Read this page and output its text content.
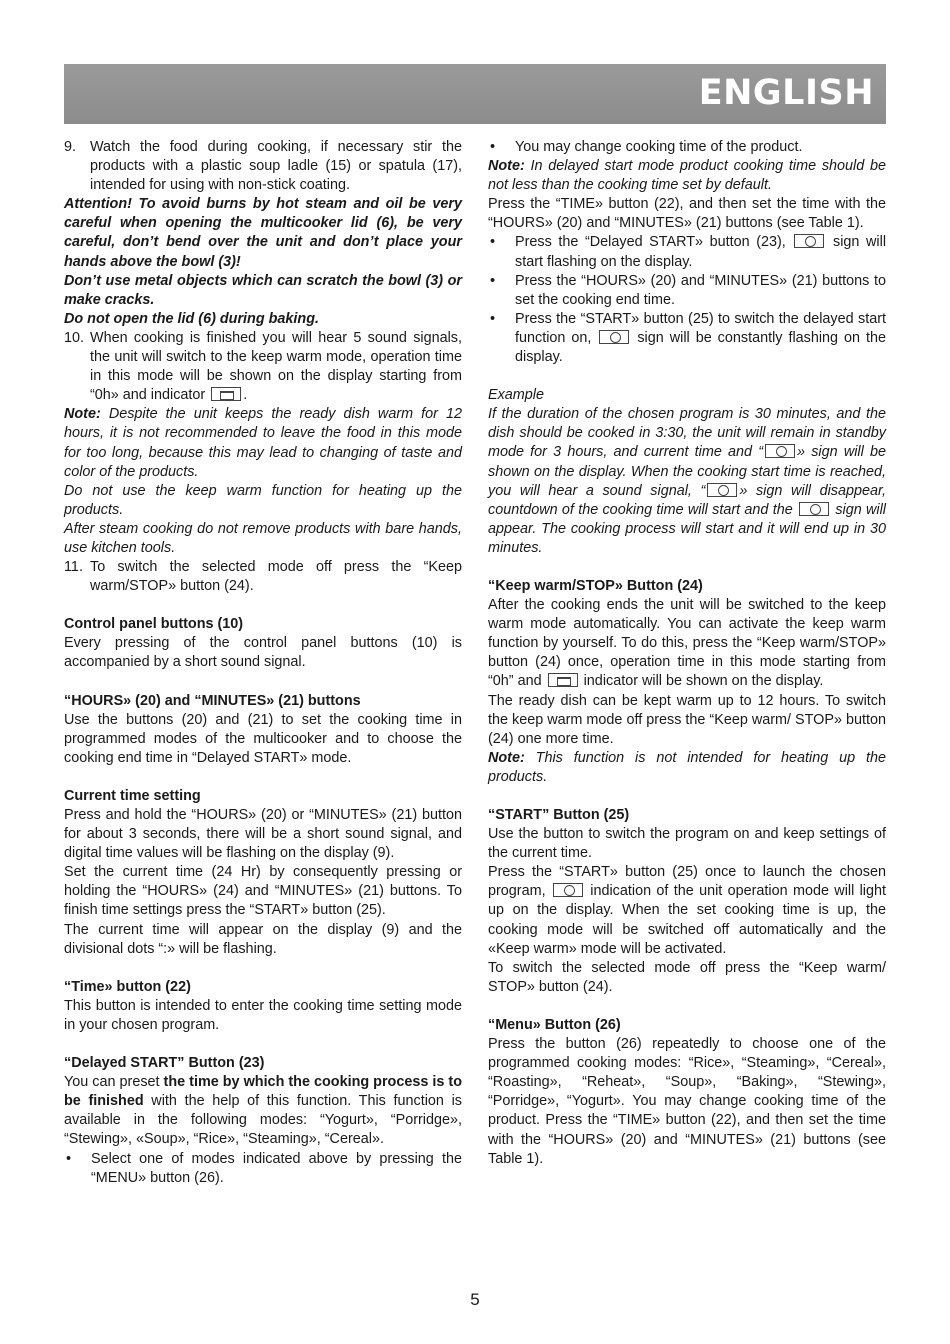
ENGLISH
9. Watch the food during cooking, if necessary stir the products with a plastic soup ladle (15) or spatula (17), intended for using with non-stick coating.

Attention! To avoid burns by hot steam and oil be very careful when opening the multicooker lid (6), be very careful, don’t bend over the unit and don’t place your hands above the bowl (3)!

Don’t use metal objects which can scratch the bowl (3) or make cracks.

Do not open the lid (6) during baking.

10. When cooking is finished you will hear 5 sound signals, the unit will switch to the keep warm mode, operation time in this mode will be shown on the display starting from “0h» and indicator	.

Note: Despite the unit keeps the ready dish warm for 12 hours, it is not recommended to leave the food in this mode for too long, because this may lead to changing of taste and color of the products.

Do not use the keep warm function for heating up the products.

After steam cooking do not remove products with bare hands, use kitchen tools.

11. To switch the selected mode off press the “Keep warm/STOP» button (24).

Control panel buttons (10)

Every pressing of the control panel buttons (10) is accompanied by a short sound signal.

“HOURS» (20) and “MINUTES» (21) buttons

Use the buttons (20) and (21) to set the cooking time in programmed modes of the multicooker and to choose the cooking end time in “Delayed START» mode.

Current time setting

Press and hold the “HOURS» (20) or “MINUTES» (21) button for about 3 seconds, there will be a short sound signal, and digital time values will be flashing on the display (9).

Set the current time (24 Hr) by consequently pressing or holding the “HOURS» (24) and “MINUTES» (21) buttons. To finish time settings press the “START» button (25).

The current time will appear on the display (9) and the divisional dots “:» will be flashing.

“Time» button (22)

This button is intended to enter the cooking time setting mode in your chosen program.

“Delayed START” Button (23)

You can preset the time by which the cooking process is to be finished with the help of this function. This function is available in the following modes: “Yogurt», “Porridge», “Stewing», «Soup», “Rice», “Steaming», “Cereal».

•	Select one of modes indicated above by pressing the “MENU» button (26).
•	You may change cooking time of the product.

Note: In delayed start mode product cooking time should be not less than the cooking time set by default.

Press the “TIME» button (22), and then set the time with the “HOURS» (20) and “MINUTES» (21) buttons (see Table 1).

•	Press the “Delayed START» button (23),	sign will start flashing on the display.
•	Press the “HOURS» (20) and “MINUTES» (21) buttons to set the cooking end time.
•	Press the “START» button (25) to switch the delayed start function on,	sign will be constantly flashing on the display.

Example

If the duration of the chosen program is 30 minutes, and the dish should be cooked in 3:30, the unit will remain in standby mode for 3 hours, and current time and “ » sign will be shown on the display. When the cooking start time is reached, you will hear a sound signal, “ » sign will disappear, countdown of the cooking time will start and the	sign will appear. The cooking process will start and it will end up in 30 minutes.

“Keep warm/STOP» Button (24)

After the cooking ends the unit will be switched to the keep warm mode automatically. You can activate the keep warm function by yourself. To do this, press the “Keep warm/STOP» button (24) once, operation time in this mode starting from “0h” and	indicator will be shown on the display.

The ready dish can be kept warm up to 12 hours. To switch the keep warm mode off press the “Keep warm/ STOP» button (24) one more time.

Note: This function is not intended for heating up the products.

“START” Button (25)

Use the button to switch the program on and keep settings of the current time.

Press the “START» button (25) once to launch the chosen program,	indication of the unit operation mode will light up on the display. When the set cooking time is up, the cooking mode will be switched off automatically and the «Keep warm» mode will be activated.

To switch the selected mode off press the “Keep warm/ STOP» button (24).

“Menu» Button (26)

Press the button (26) repeatedly to choose one of the programmed cooking modes: “Rice», “Steaming», “Cereal», “Roasting», “Reheat», “Soup», “Baking», “Stewing», “Porridge», “Yogurt». You may change cooking time of the product. Press the “TIME» button (22), and then set the time with the “HOURS» (20) and “MINUTES» (21) buttons (see Table 1).

5
